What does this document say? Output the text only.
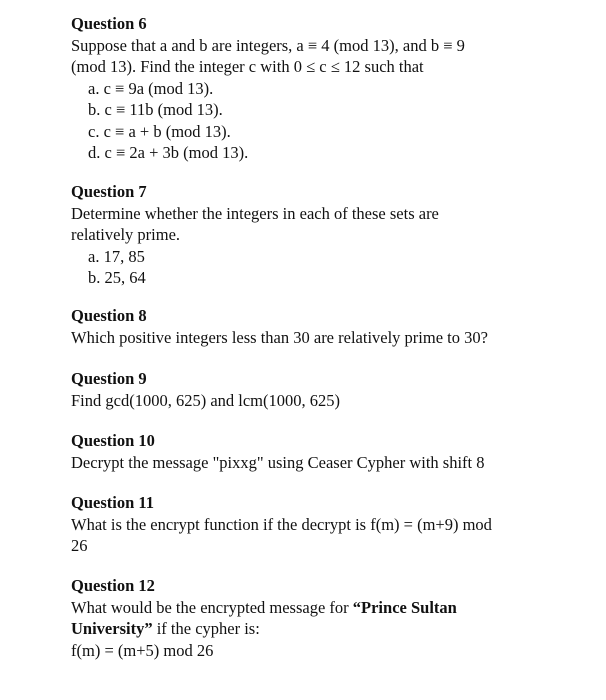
Question 6
Suppose that a and b are integers, a ≡ 4 (mod 13), and b ≡ 9
(mod 13). Find the integer c with 0 ≤ c ≤ 12 such that
a. c ≡ 9a (mod 13).
b. c ≡ 11b (mod 13).
c. c ≡ a + b (mod 13).
d. c ≡ 2a + 3b (mod 13).
Question 7
Determine whether the integers in each of these sets are
relatively prime.
a. 17, 85
b. 25, 64
Question 8
Which positive integers less than 30 are relatively prime to 30?
Question 9
Find gcd(1000, 625) and lcm(1000, 625)
Question 10
Decrypt the message "pixxg" using Ceaser Cypher with shift 8
Question 11
What is the encrypt function if the decrypt is f(m) = (m+9) mod
26
Question 12
What would be the encrypted message for “Prince Sultan
University” if the cypher is:
f(m) = (m+5) mod 26
